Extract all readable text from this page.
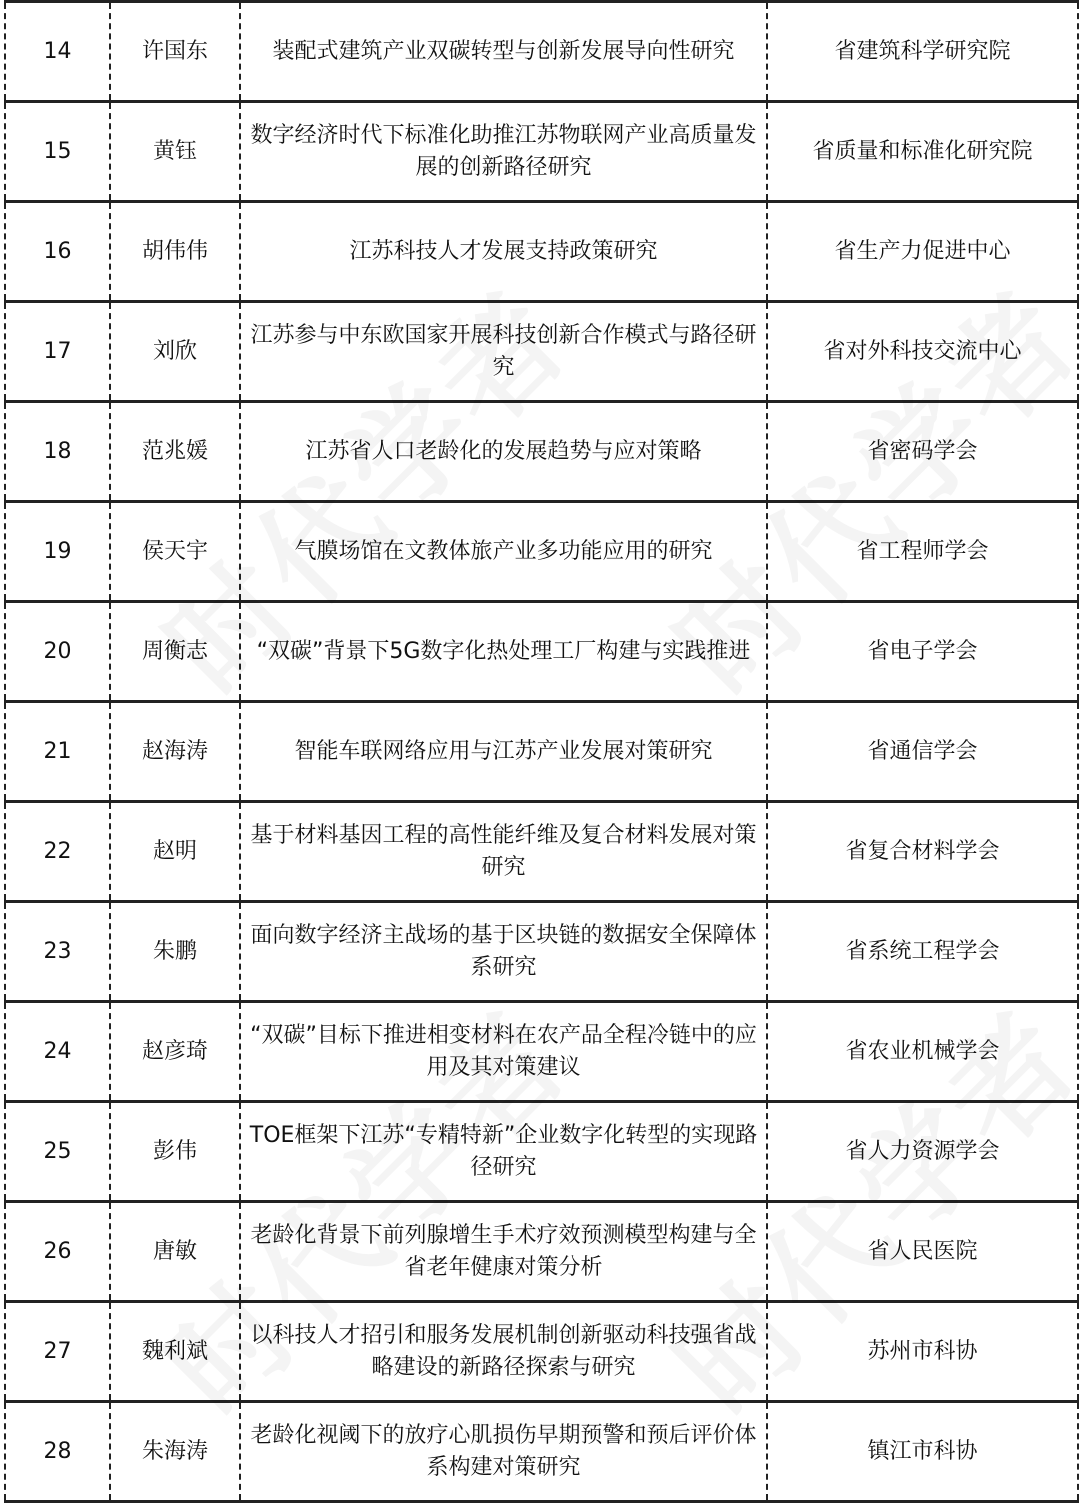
14	许国东	装配式建筑产业双碳转型与创新发展导向性研究	省建筑科学研究院
15	黄钰	数字经济时代下标准化助推江苏物联网产业高质量发展的创新路径研究	省质量和标准化研究院
16	胡伟伟	江苏科技人才发展支持政策研究	省生产力促进中心
17	刘欣	江苏参与中东欧国家开展科技创新合作模式与路径研究	省对外科技交流中心
18	范兆媛	江苏省人口老龄化的发展趋势与应对策略	省密码学会
19	侯天宇	气膜场馆在文教体旅产业多功能应用的研究	省工程师学会
20	周衡志	“双碳”背景下5G数字化热处理工厂构建与实践推进	省电子学会
21	赵海涛	智能车联网络应用与江苏产业发展对策研究	省通信学会
22	赵明	基于材料基因工程的高性能纤维及复合材料发展对策研究	省复合材料学会
23	朱鹏	面向数字经济主战场的基于区块链的数据安全保障体系研究	省系统工程学会
24	赵彦琦	“双碳”目标下推进相变材料在农产品全程冷链中的应用及其对策建议	省农业机械学会
25	彭伟	TOE框架下江苏“专精特新”企业数字化转型的实现路径研究	省人力资源学会
26	唐敏	老龄化背景下前列腺增生手术疗效预测模型构建与全省老年健康对策分析	省人民医院
27	魏利斌	以科技人才招引和服务发展机制创新驱动科技强省战略建设的新路径探索与研究	苏州市科协
28	朱海涛	老龄化视阈下的放疗心肌损伤早期预警和预后评价体系构建对策研究	镇江市科协
